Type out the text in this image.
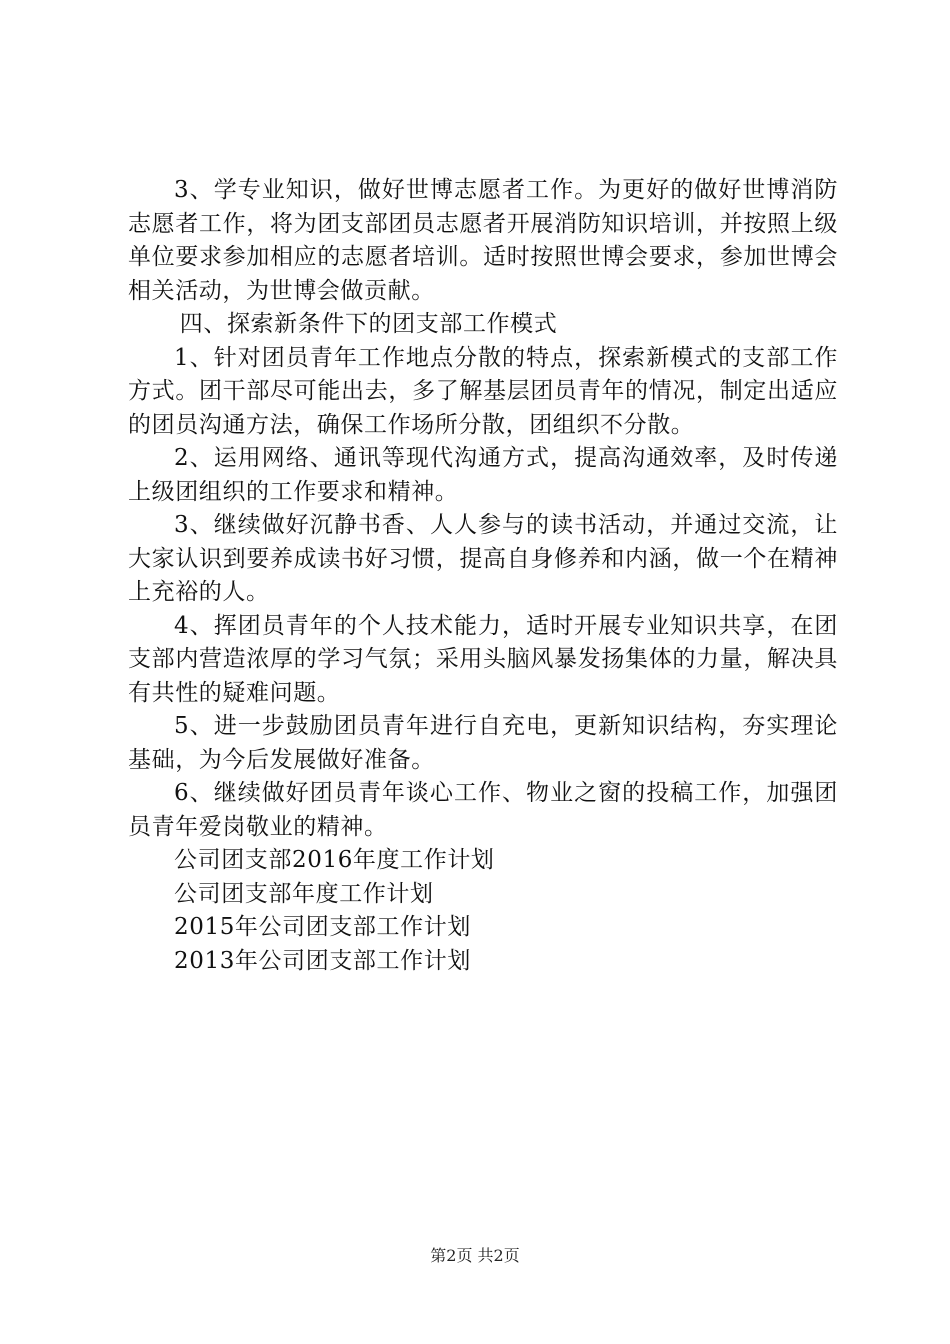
3、学专业知识，做好世博志愿者工作。为更好的做好世博消防志愿者工作，将为团支部团员志愿者开展消防知识培训，并按照上级单位要求参加相应的志愿者培训。适时按照世博会要求，参加世博会相关活动，为世博会做贡献。

四、探索新条件下的团支部工作模式

1、针对团员青年工作地点分散的特点，探索新模式的支部工作方式。团干部尽可能出去，多了解基层团员青年的情况，制定出适应的团员沟通方法，确保工作场所分散，团组织不分散。

2、运用网络、通讯等现代沟通方式，提高沟通效率，及时传递上级团组织的工作要求和精神。

3、继续做好沉静书香、人人参与的读书活动，并通过交流，让大家认识到要养成读书好习惯，提高自身修养和内涵，做一个在精神上充裕的人。

4、挥团员青年的个人技术能力，适时开展专业知识共享，在团支部内营造浓厚的学习气氛；采用头脑风暴发扬集体的力量，解决具有共性的疑难问题。

5、进一步鼓励团员青年进行自充电，更新知识结构，夯实理论基础，为今后发展做好准备。

6、继续做好团员青年谈心工作、物业之窗的投稿工作，加强团员青年爱岗敬业的精神。

公司团支部2016年度工作计划

公司团支部年度工作计划

2015年公司团支部工作计划

2013年公司团支部工作计划

第2页 共2页
